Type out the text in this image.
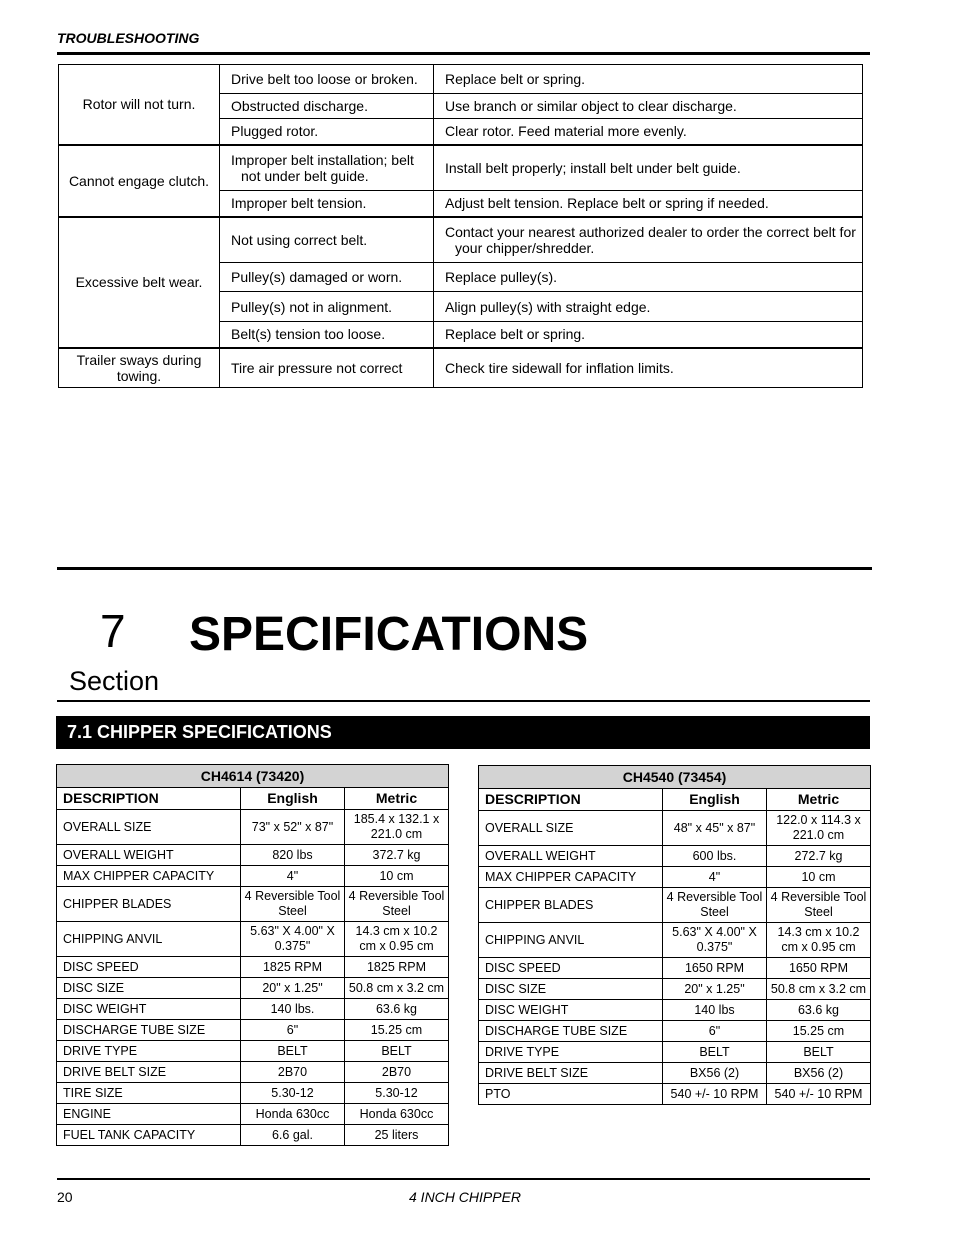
TROUBLESHOOTING
Rotor will not turn.	Drive belt too loose or broken.	Replace belt or spring.
	Obstructed discharge.	Use branch or similar object to clear discharge.
	Plugged rotor.	Clear rotor. Feed material more evenly.
Cannot engage clutch.	Improper belt installation; belt not under belt guide.	Install belt properly; install belt under belt guide.
	Improper belt tension.	Adjust belt tension. Replace belt or spring if needed.
Excessive belt wear.	Not using correct belt.	Contact your nearest authorized dealer to order the correct belt for your chipper/shredder.
	Pulley(s) damaged or worn.	Replace pulley(s).
	Pulley(s) not in alignment.	Align pulley(s) with straight edge.
	Belt(s) tension too loose.	Replace belt or spring.
Trailer sways during towing.	Tire air pressure not correct	Check tire sidewall for inflation limits.
7 SPECIFICATIONS
Section
7.1 CHIPPER SPECIFICATIONS
CH4614 (73420)		
DESCRIPTION	English	Metric
OVERALL SIZE	73" x 52" x 87"	185.4 x 132.1 x 221.0 cm
OVERALL WEIGHT	820 lbs	372.7 kg
MAX CHIPPER CAPACITY	4"	10 cm
CHIPPER BLADES	4 Reversible Tool Steel	4 Reversible Tool Steel
CHIPPING ANVIL	5.63" X 4.00" X 0.375"	14.3 cm x 10.2 cm x 0.95 cm
DISC SPEED	1825 RPM	1825 RPM
DISC SIZE	20" x 1.25"	50.8 cm x 3.2 cm
DISC WEIGHT	140 lbs.	63.6 kg
DISCHARGE TUBE SIZE	6"	15.25 cm
DRIVE TYPE	BELT	BELT
DRIVE BELT SIZE	2B70	2B70
TIRE SIZE	5.30-12	5.30-12
ENGINE	Honda 630cc	Honda 630cc
FUEL TANK CAPACITY	6.6 gal.	25 liters
CH4540 (73454)		
DESCRIPTION	English	Metric
OVERALL SIZE	48" x 45" x 87"	122.0 x 114.3 x 221.0 cm
OVERALL WEIGHT	600 lbs.	272.7 kg
MAX CHIPPER CAPACITY	4"	10 cm
CHIPPER BLADES	4 Reversible Tool Steel	4 Reversible Tool Steel
CHIPPING ANVIL	5.63" X 4.00" X 0.375"	14.3 cm x 10.2 cm x 0.95 cm
DISC SPEED	1650 RPM	1650 RPM
DISC SIZE	20" x 1.25"	50.8 cm x 3.2 cm
DISC WEIGHT	140 lbs	63.6 kg
DISCHARGE TUBE SIZE	6"	15.25 cm
DRIVE TYPE	BELT	BELT
DRIVE BELT SIZE	BX56 (2)	BX56 (2)
PTO	540 +/- 10 RPM	540 +/- 10 RPM
20	4 INCH CHIPPER
